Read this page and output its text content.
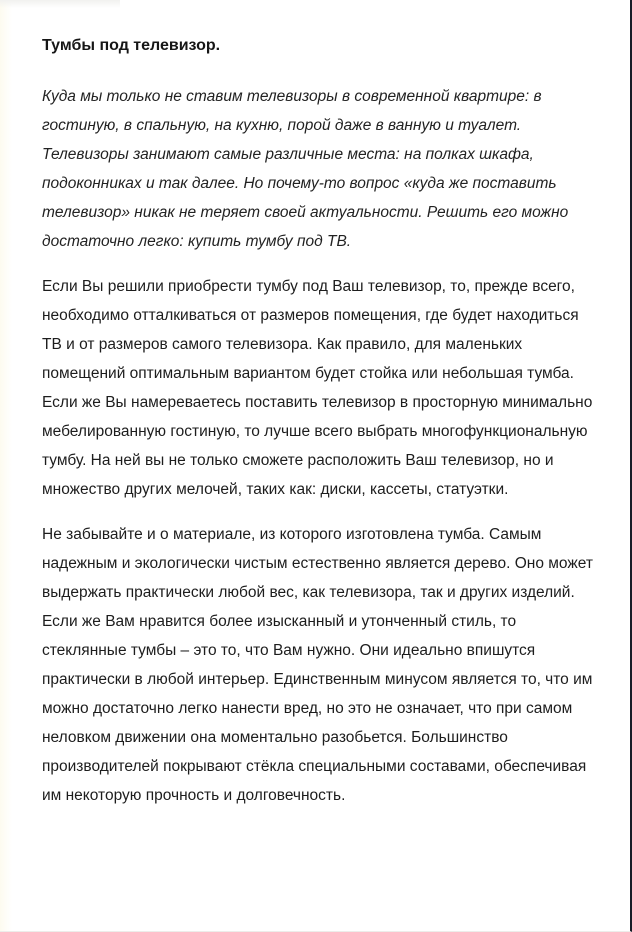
Тумбы под телевизор.

Куда мы только не ставим телевизоры в современной квартире: в гостиную, в спальную, на кухню, порой даже в ванную и туалет. Телевизоры занимают самые различные места: на полках шкафа, подоконниках и так далее. Но почему-то вопрос «куда же поставить телевизор» никак не теряет своей актуальности. Решить его можно достаточно легко: купить тумбу под ТВ.

Если Вы решили приобрести тумбу под Ваш телевизор, то, прежде всего, необходимо отталкиваться от размеров помещения, где будет находиться ТВ и от размеров самого телевизора. Как правило, для маленьких помещений оптимальным вариантом будет стойка или небольшая тумба. Если же Вы намереваетесь поставить телевизор в просторную минимально мебелированную гостиную, то лучше всего выбрать многофункциональную тумбу. На ней вы не только сможете расположить Ваш телевизор, но и множество других мелочей, таких как: диски, кассеты, статуэтки.

Не забывайте и о материале, из которого изготовлена тумба. Самым надежным и экологически чистым естественно является дерево. Оно может выдержать практически любой вес, как телевизора, так и других изделий. Если же Вам нравится более изысканный и утонченный стиль, то стеклянные тумбы – это то, что Вам нужно. Они идеально впишутся практически в любой интерьер. Единственным минусом является то, что им можно достаточно легко нанести вред, но это не означает, что при самом неловком движении она моментально разобьется. Большинство производителей покрывают стёкла специальными составами, обеспечивая им некоторую прочность и долговечность.
